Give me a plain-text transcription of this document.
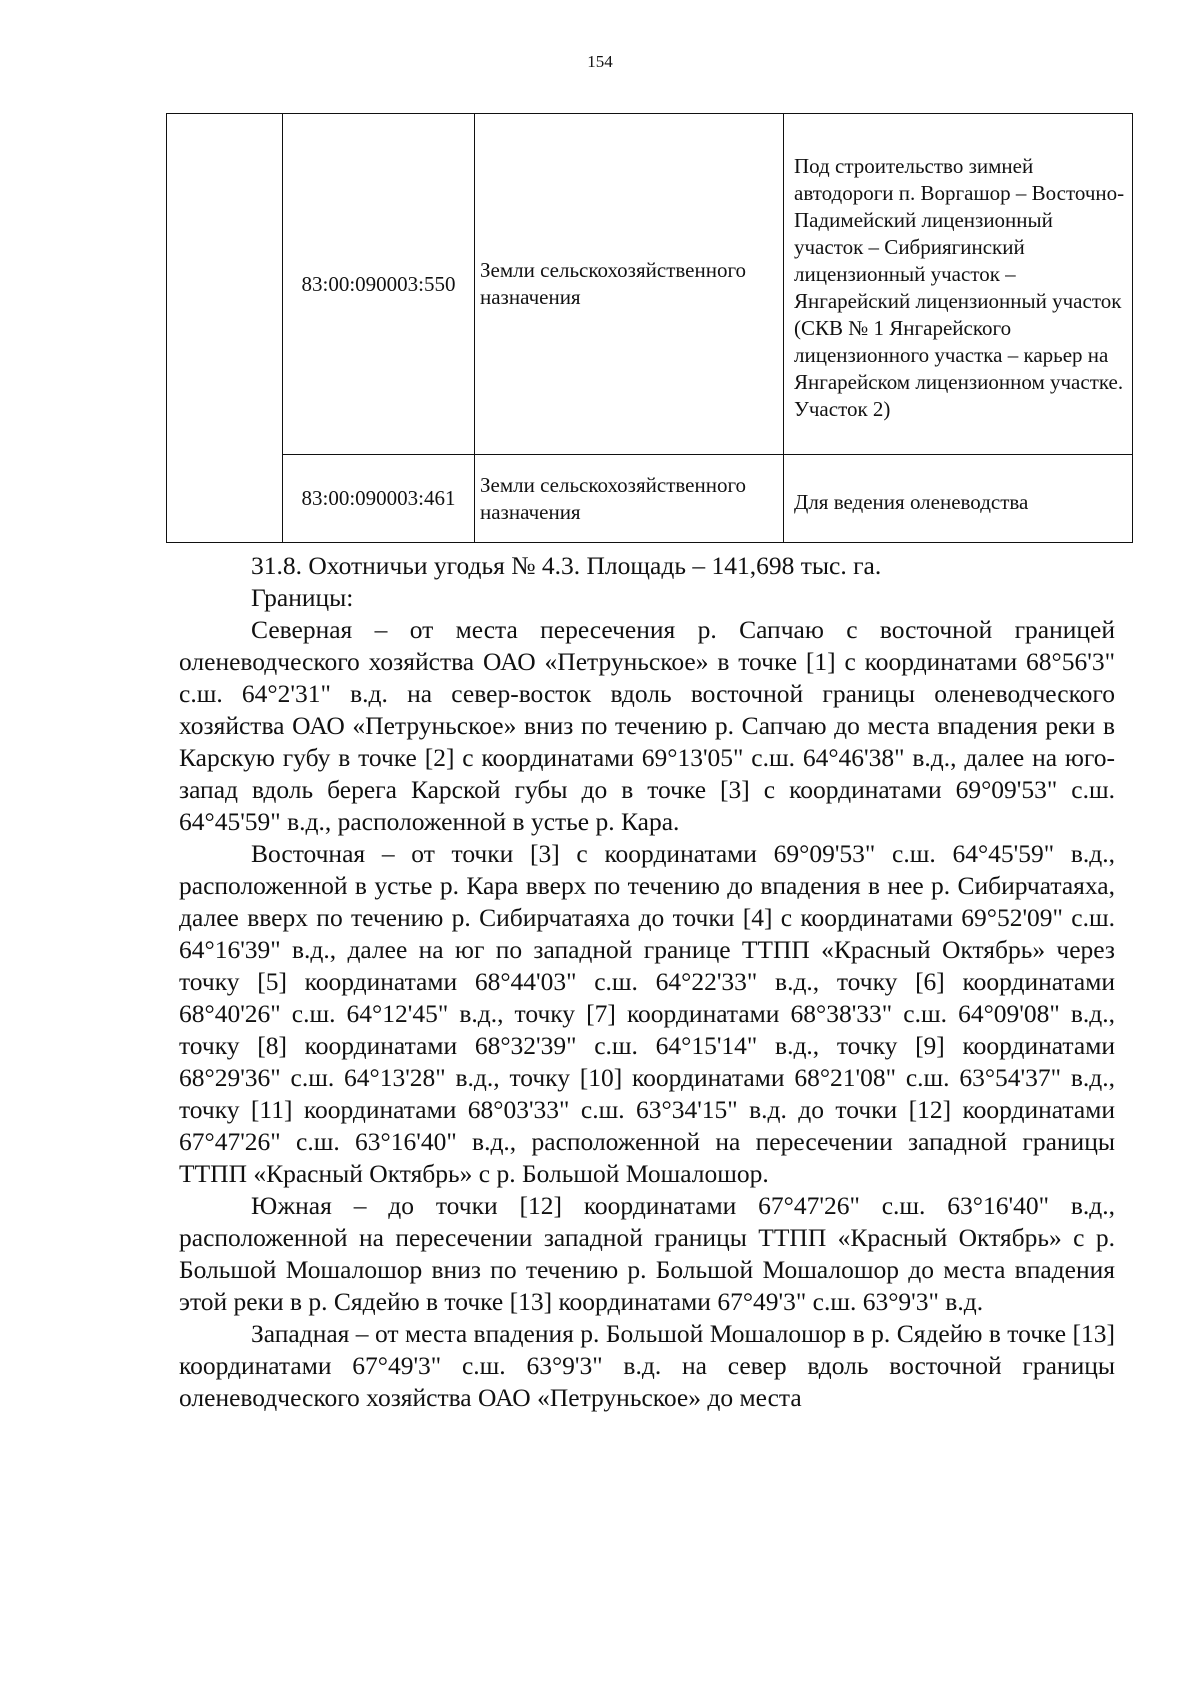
154
	83:00:090003:550	Земли сельскохозяйственного назначения	Под строительство зимней автодороги п. Воргашор – Восточно-Падимейский лицензионный участок – Сибриягинский лицензионный участок – Янгарейский лицензионный участок (СКВ № 1 Янгарейского лицензионного участка – карьер на Янгарейском лицензионном участке. Участок 2)
	83:00:090003:461	Земли сельскохозяйственного назначения	Для ведения оленеводства

31.8. Охотничьи угодья № 4.3. Площадь – 141,698 тыс. га.

Границы:

Северная – от места пересечения р. Сапчаю с восточной границей оленеводческого хозяйства ОАО «Петруньское» в точке [1] с координатами 68°56'3" с.ш. 64°2'31" в.д. на север-восток вдоль восточной границы оленеводческого хозяйства ОАО «Петруньское» вниз по течению р. Сапчаю до места впадения реки в Карскую губу в точке [2] с координатами 69°13'05" с.ш. 64°46'38" в.д., далее на юго-запад вдоль берега Карской губы до в точке [3] с координатами 69°09'53" с.ш. 64°45'59" в.д., расположенной в устье р. Кара.

Восточная – от точки [3] с координатами 69°09'53" с.ш. 64°45'59" в.д., расположенной в устье р. Кара вверх по течению до впадения в нее р. Сибирчатаяха, далее вверх по течению р. Сибирчатаяха до точки [4] с координатами 69°52'09" с.ш. 64°16'39" в.д., далее на юг по западной границе ТТПП «Красный Октябрь» через точку [5] координатами 68°44'03" с.ш. 64°22'33" в.д., точку [6] координатами 68°40'26" с.ш. 64°12'45" в.д., точку [7] координатами 68°38'33" с.ш. 64°09'08" в.д., точку [8] координатами 68°32'39" с.ш. 64°15'14" в.д., точку [9] координатами 68°29'36" с.ш. 64°13'28" в.д., точку [10] координатами 68°21'08" с.ш. 63°54'37" в.д., точку [11] координатами 68°03'33" с.ш. 63°34'15" в.д. до точки [12] координатами 67°47'26" с.ш. 63°16'40" в.д., расположенной на пересечении западной границы ТТПП «Красный Октябрь» с р. Большой Мошалошор.

Южная – до точки [12] координатами 67°47'26" с.ш. 63°16'40" в.д., расположенной на пересечении западной границы ТТПП «Красный Октябрь» с р. Большой Мошалошор вниз по течению р. Большой Мошалошор до места впадения этой реки в р. Сядейю в точке [13] координатами 67°49'3" с.ш. 63°9'3" в.д.

Западная – от места впадения р. Большой Мошалошор в р. Сядейю в точке [13] координатами 67°49'3" с.ш. 63°9'3" в.д. на север вдоль восточной границы оленеводческого хозяйства ОАО «Петруньское» до места
